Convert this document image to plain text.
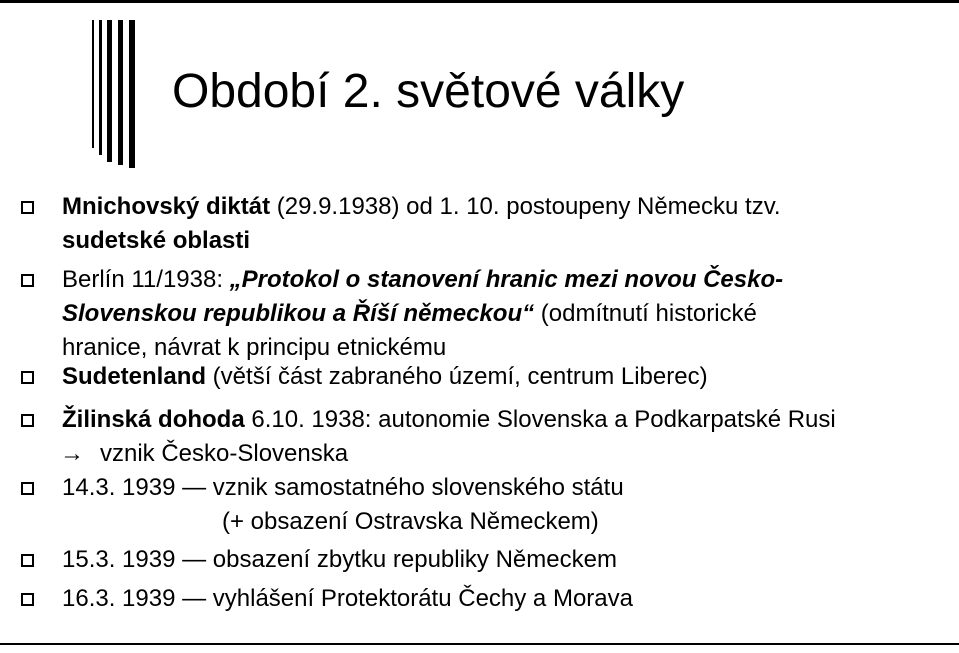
Období 2. světové války
Mnichovský diktát (29.9.1938) od 1. 10. postoupeny Německu tzv.
sudetské oblasti
Berlín 11/1938: „Protokol o stanovení hranic mezi novou Česko-
Slovenskou republikou a Říší německou“ (odmítnutí historické
hranice, návrat k principu etnickému
Sudetenland (větší část zabraného území, centrum Liberec)
Žilinská dohoda 6.10. 1938: autonomie Slovenska a Podkarpatské Rusi
→ vznik Česko-Slovenska
14.3. 1939 — vznik samostatného slovenského státu
(+ obsazení Ostravska Německem)
15.3. 1939 — obsazení zbytku republiky Německem
16.3. 1939 — vyhlášení Protektorátu Čechy a Morava
